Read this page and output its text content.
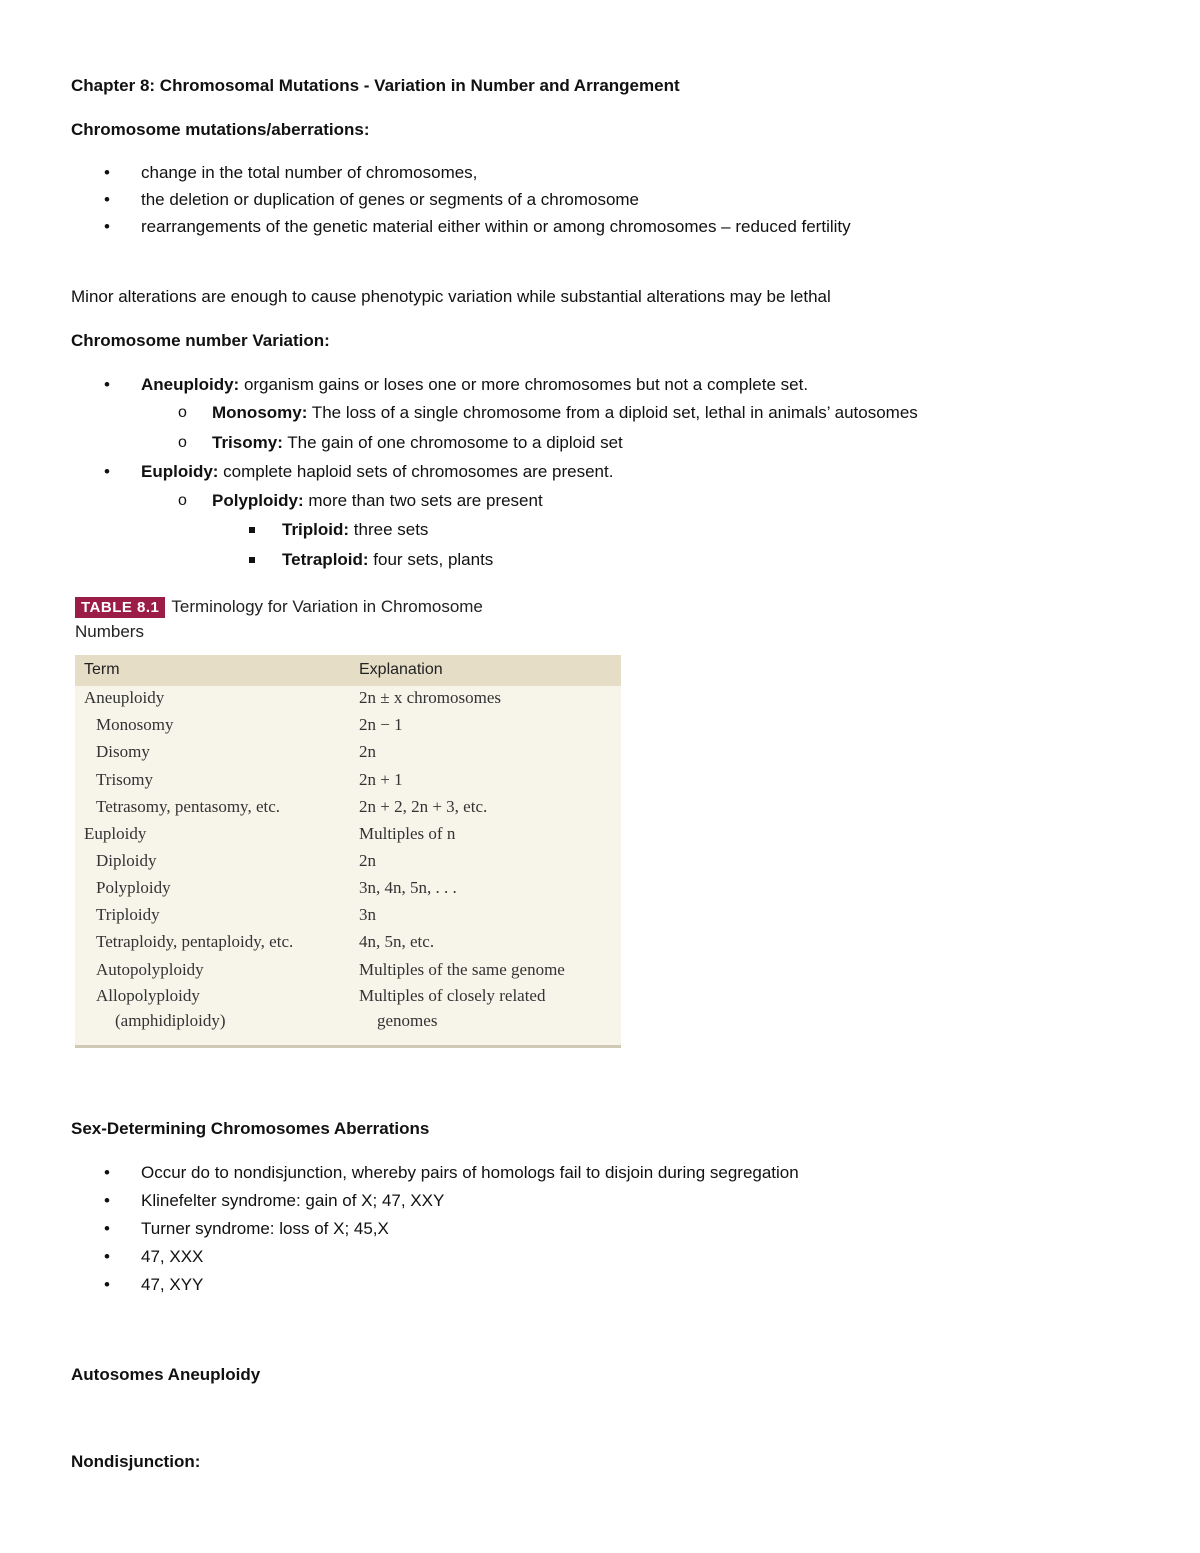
Chapter 8: Chromosomal Mutations - Variation in Number and Arrangement
Chromosome mutations/aberrations:
• change in the total number of chromosomes,
• the deletion or duplication of genes or segments of a chromosome
• rearrangements of the genetic material either within or among chromosomes – reduced fertility
Minor alterations are enough to cause phenotypic variation while substantial alterations may be lethal
Chromosome number Variation:
• Aneuploidy: organism gains or loses one or more chromosomes but not a complete set.
o Monosomy: The loss of a single chromosome from a diploid set, lethal in animals’ autosomes
o Trisomy: The gain of one chromosome to a diploid set
• Euploidy: complete haploid sets of chromosomes are present.
o Polyploidy: more than two sets are present
Triploid: three sets
Tetraploid: four sets, plants
TABLE 8.1 Terminology for Variation in Chromosome
Numbers
Term	Explanation
Aneuploidy	2n ± x chromosomes
Monosomy	2n − 1
Disomy	2n
Trisomy	2n + 1
Tetrasomy, pentasomy, etc.	2n + 2, 2n + 3, etc.
Euploidy	Multiples of n
Diploidy	2n
Polyploidy	3n, 4n, 5n, . . .
Triploidy	3n
Tetraploidy, pentaploidy, etc.	4n, 5n, etc.
Autopolyploidy	Multiples of the same genome
Allopolyploidy	Multiples of closely related
(amphidiploidy)	genomes
Sex-Determining Chromosomes Aberrations
• Occur do to nondisjunction, whereby pairs of homologs fail to disjoin during segregation
• Klinefelter syndrome: gain of X; 47, XXY
• Turner syndrome: loss of X; 45,X
• 47, XXX
• 47, XYY
Autosomes Aneuploidy
Nondisjunction:
